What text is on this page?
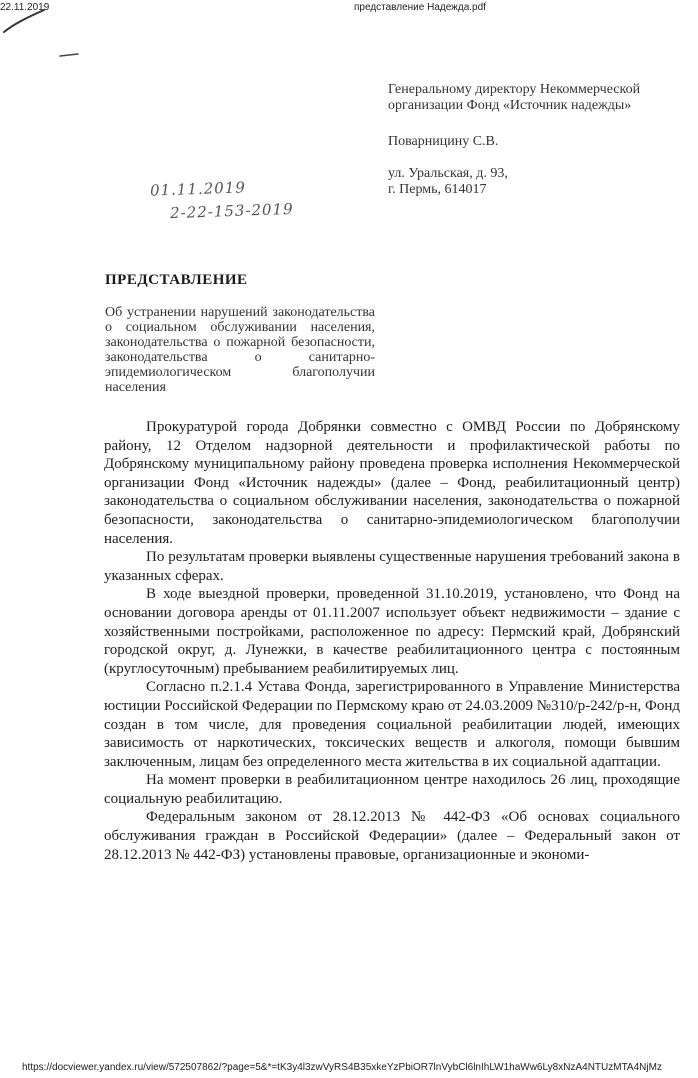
22.11.2019	представление Надежда.pdf
Генеральному директору Некоммерческой организации Фонд «Источник надежды»
Поварницину С.В.
ул. Уральская, д. 93,
г. Пермь, 614017
01.11.2019
2-22-153-2019
ПРЕДСТАВЛЕНИЕ
Об устранении нарушений законодательства о социальном обслуживании населения, законодательства о пожарной безопасности, законодательства о санитарно-эпидемиологическом благополучии населения

Прокуратурой города Добрянки совместно с ОМВД России по Добрянскому району, 12 Отделом надзорной деятельности и профилактической работы по Добрянскому муниципальному району проведена проверка исполнения Некоммерческой организации Фонд «Источник надежды» (далее – Фонд, реабилитационный центр) законодательства о социальном обслуживании населения, законодательства о пожарной безопасности, законодательства о санитарно-эпидемиологическом благополучии населения.

По результатам проверки выявлены существенные нарушения требований закона в указанных сферах.

В ходе выездной проверки, проведенной 31.10.2019, установлено, что Фонд на основании договора аренды от 01.11.2007 использует объект недвижимости – здание с хозяйственными постройками, расположенное по адресу: Пермский край, Добрянский городской округ, д. Лунежки, в качестве реабилитационного центра с постоянным (круглосуточным) пребыванием реабилитируемых лиц.

Согласно п.2.1.4 Устава Фонда, зарегистрированного в Управление Министерства юстиции Российской Федерации по Пермскому краю от 24.03.2009 №310/р-242/р-н, Фонд создан в том числе, для проведения социальной реабилитации людей, имеющих зависимость от наркотических, токсических веществ и алкоголя, помощи бывшим заключенным, лицам без определенного места жительства в их социальной адаптации.

На момент проверки в реабилитационном центре находилось 26 лиц, проходящие социальную реабилитацию.

Федеральным законом от 28.12.2013 № 442-ФЗ «Об основах социального обслуживания граждан в Российской Федерации» (далее – Федеральный закон от 28.12.2013 № 442-ФЗ) установлены правовые, организационные и экономи-

https://docviewer.yandex.ru/view/572507862/?page=5&*=tK3y4l3zwVyRS4B35xkeYzPbiOR7lnVybCl6lnIhLW1haWw6Ly8xNzA4NTUzMTA4NjMz
